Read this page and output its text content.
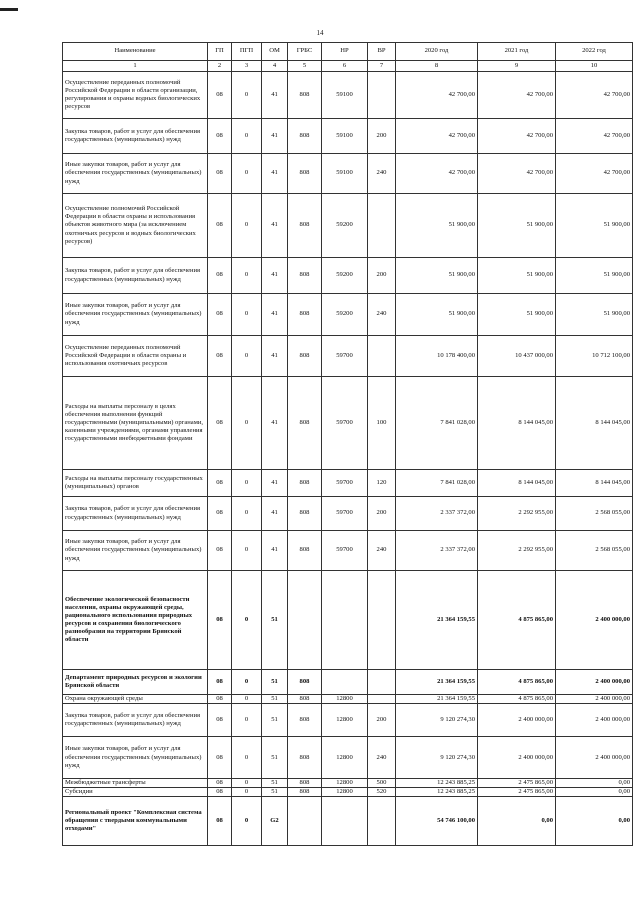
14
Наименование	ГП	ПГП	ОМ	ГРБС	НР	ВР	2020 год	2021 год	2022 год
1	2	3	4	5	6	7	8	9	10
Осуществление переданных полномочий Российской Федерации в области организации, регулирования и охраны водных биологических ресурсов	08	0	41	808	59100		42 700,00	42 700,00	42 700,00
Закупка товаров, работ и услуг для обеспечения государственных (муниципальных) нужд	08	0	41	808	59100	200	42 700,00	42 700,00	42 700,00
Иные закупки товаров, работ и услуг для обеспечения государственных (муниципальных) нужд	08	0	41	808	59100	240	42 700,00	42 700,00	42 700,00
Осуществление полномочий Российской Федерации в области охраны и использования объектов животного мира (за исключением охотничьих ресурсов и водных биологических ресурсов)	08	0	41	808	59200		51 900,00	51 900,00	51 900,00
Закупка товаров, работ и услуг для обеспечения государственных (муниципальных) нужд	08	0	41	808	59200	200	51 900,00	51 900,00	51 900,00
Иные закупки товаров, работ и услуг для обеспечения государственных (муниципальных) нужд	08	0	41	808	59200	240	51 900,00	51 900,00	51 900,00
Осуществление переданных полномочий Российской Федерации в области охраны и использования охотничьих ресурсов	08	0	41	808	59700		10 178 400,00	10 437 000,00	10 712 100,00
Расходы на выплаты персоналу в целях обеспечения выполнения функций государственными (муниципальными) органами, казенными учреждениями, органами управления государственными внебюджетными фондами	08	0	41	808	59700	100	7 841 028,00	8 144 045,00	8 144 045,00
Расходы на выплаты персоналу государственных (муниципальных) органов	08	0	41	808	59700	120	7 841 028,00	8 144 045,00	8 144 045,00
Закупка товаров, работ и услуг для обеспечения государственных (муниципальных) нужд	08	0	41	808	59700	200	2 337 372,00	2 292 955,00	2 568 055,00
Иные закупки товаров, работ и услуг для обеспечения государственных (муниципальных) нужд	08	0	41	808	59700	240	2 337 372,00	2 292 955,00	2 568 055,00
Обеспечение экологической безопасности населения, охраны окружающей среды, рационального использования природных ресурсов и сохранения биологического разнообразия на территории Брянской области	08	0	51				21 364 159,55	4 875 865,00	2 400 000,00
Департамент природных ресурсов и экологии Брянской области	08	0	51	808			21 364 159,55	4 875 865,00	2 400 000,00
Охрана окружающей среды	08	0	51	808	12800		21 364 159,55	4 875 865,00	2 400 000,00
Закупка товаров, работ и услуг для обеспечения государственных (муниципальных) нужд	08	0	51	808	12800	200	9 120 274,30	2 400 000,00	2 400 000,00
Иные закупки товаров, работ и услуг для обеспечения государственных (муниципальных) нужд	08	0	51	808	12800	240	9 120 274,30	2 400 000,00	2 400 000,00
Межбюджетные трансферты	08	0	51	808	12800	500	12 243 885,25	2 475 865,00	0,00
Субсидии	08	0	51	808	12800	520	12 243 885,25	2 475 865,00	0,00
Региональный проект "Комплексная система обращения с твердыми коммунальными отходами"	08	0	G2				54 746 100,00	0,00	0,00
